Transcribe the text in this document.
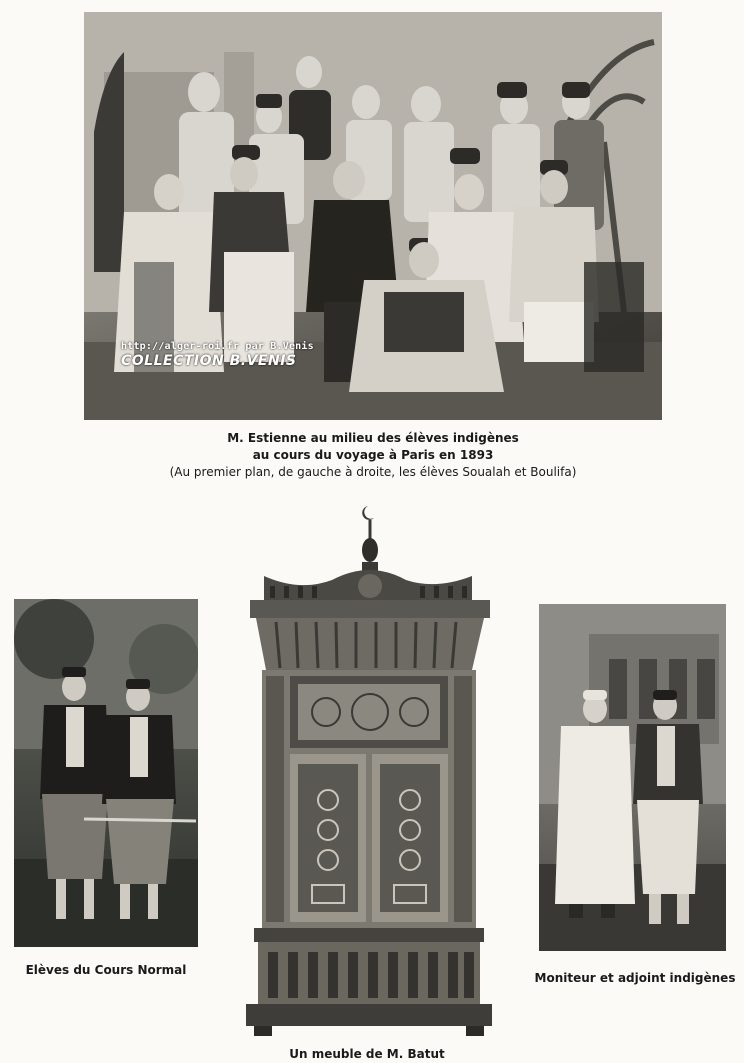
http://alger-roi.fr par B.Venis
COLLECTION B.VENIS
M. Estienne au milieu des élèves indigènes
au cours du voyage à Paris en 1893
(Au premier plan, de gauche à droite, les élèves Soualah et Boulifa)
Elèves du Cours Normal
Un meuble de M. Batut
Moniteur et adjoint indigènes
